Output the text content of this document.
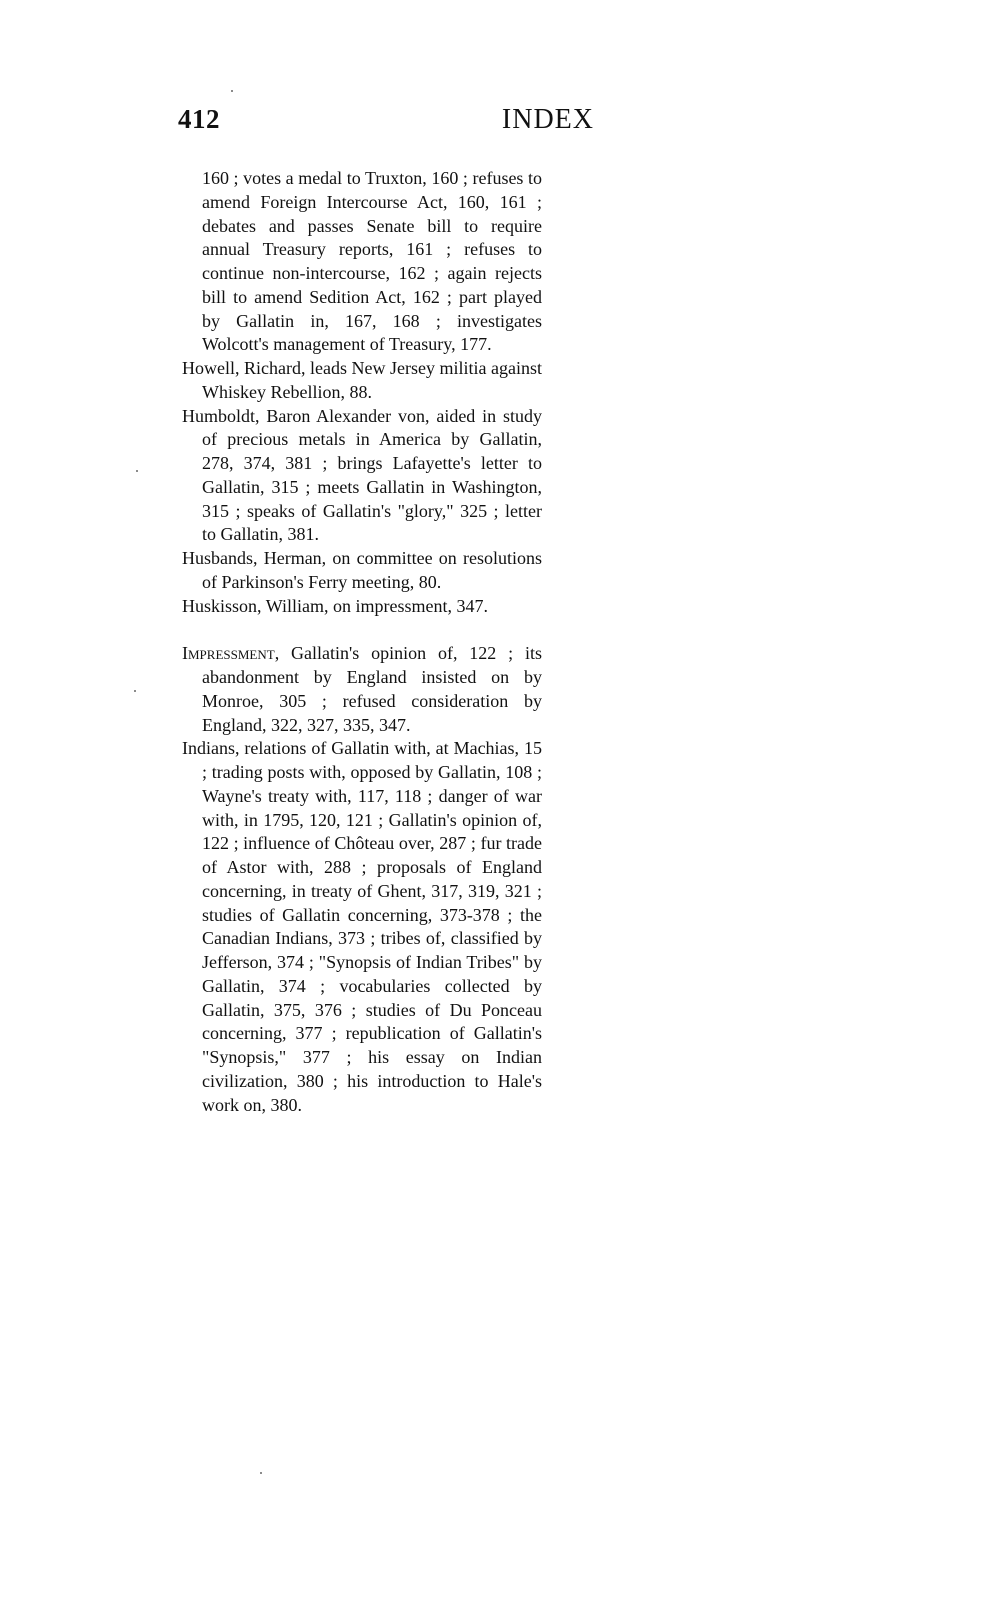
412	INDEX

160 ; votes a medal to Truxton, 160 ; refuses to amend Foreign Intercourse Act, 160, 161 ; debates and passes Senate bill to require annual Treasury reports, 161 ; refuses to continue non-intercourse, 162 ; again rejects bill to amend Sedition Act, 162 ; part played by Gallatin in, 167, 168 ; investigates Wolcott's management of Treasury, 177.

Howell, Richard, leads New Jersey militia against Whiskey Rebellion, 88.

Humboldt, Baron Alexander von, aided in study of precious metals in America by Gallatin, 278, 374, 381 ; brings Lafayette's letter to Gallatin, 315 ; meets Gallatin in Washington, 315 ; speaks of Gallatin's "glory," 325 ; letter to Gallatin, 381.

Husbands, Herman, on committee on resolutions of Parkinson's Ferry meeting, 80.

Huskisson, William, on impressment, 347.

Impressment, Gallatin's opinion of, 122 ; its abandonment by England insisted on by Monroe, 305 ; refused consideration by England, 322, 327, 335, 347.

Indians, relations of Gallatin with, at Machias, 15 ; trading posts with, opposed by Gallatin, 108 ; Wayne's treaty with, 117, 118 ; danger of war with, in 1795, 120, 121 ; Gallatin's opinion of, 122 ; influence of Chôteau over, 287 ; fur trade of Astor with, 288 ; proposals of England concerning, in treaty of Ghent, 317, 319, 321 ; studies of Gallatin concerning, 373-378 ; the Canadian Indians, 373 ; tribes of, classified by Jefferson, 374 ; "Synopsis of Indian Tribes" by Gallatin, 374 ; vocabularies collected by Gallatin, 375, 376 ; studies of Du Ponceau concerning, 377 ; republication of Gallatin's "Synopsis," 377 ; his essay on Indian civilization, 380 ; his introduction to Hale's work on, 380.
